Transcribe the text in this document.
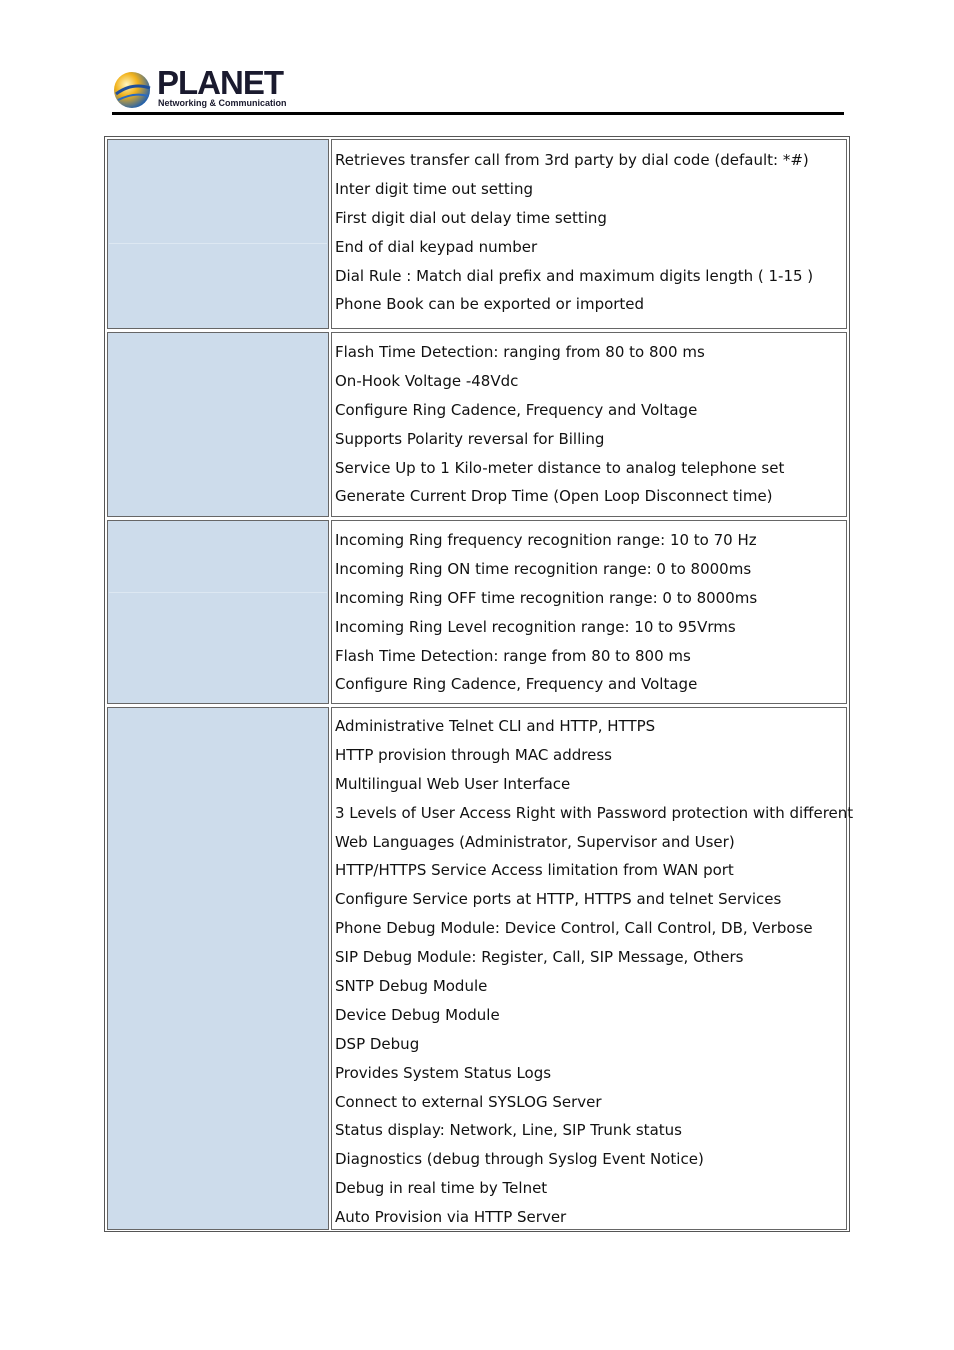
PLANET
Networking & Communication
Retrieves transfer call from 3rd party by dial code (default: *#)
Inter digit time out setting
First digit dial out delay time setting
End of dial keypad number
Dial Rule : Match dial prefix and maximum digits length ( 1-15 )
Phone Book can be exported or imported
Flash Time Detection: ranging from 80 to 800 ms
On-Hook Voltage -48Vdc
Configure Ring Cadence, Frequency and Voltage
Supports Polarity reversal for Billing
Service Up to 1 Kilo-meter distance to analog telephone set
Generate Current Drop Time (Open Loop Disconnect time)
Incoming Ring frequency recognition range: 10 to 70 Hz
Incoming Ring ON time recognition range: 0 to 8000ms
Incoming Ring OFF time recognition range: 0 to 8000ms
Incoming Ring Level recognition range: 10 to 95Vrms
Flash Time Detection: range from 80 to 800 ms
Configure Ring Cadence, Frequency and Voltage
Administrative Telnet CLI and HTTP, HTTPS
HTTP provision through MAC address
Multilingual Web User Interface
3 Levels of User Access Right with Password protection with different
Web Languages (Administrator, Supervisor and User)
HTTP/HTTPS Service Access limitation from WAN port
Configure Service ports at HTTP, HTTPS and telnet Services
Phone Debug Module: Device Control, Call Control, DB, Verbose
SIP Debug Module: Register, Call, SIP Message, Others
SNTP Debug Module
Device Debug Module
DSP Debug
Provides System Status Logs
Connect to external SYSLOG Server
Status display: Network, Line, SIP Trunk status
Diagnostics (debug through Syslog Event Notice)
Debug in real time by Telnet
Auto Provision via HTTP Server
